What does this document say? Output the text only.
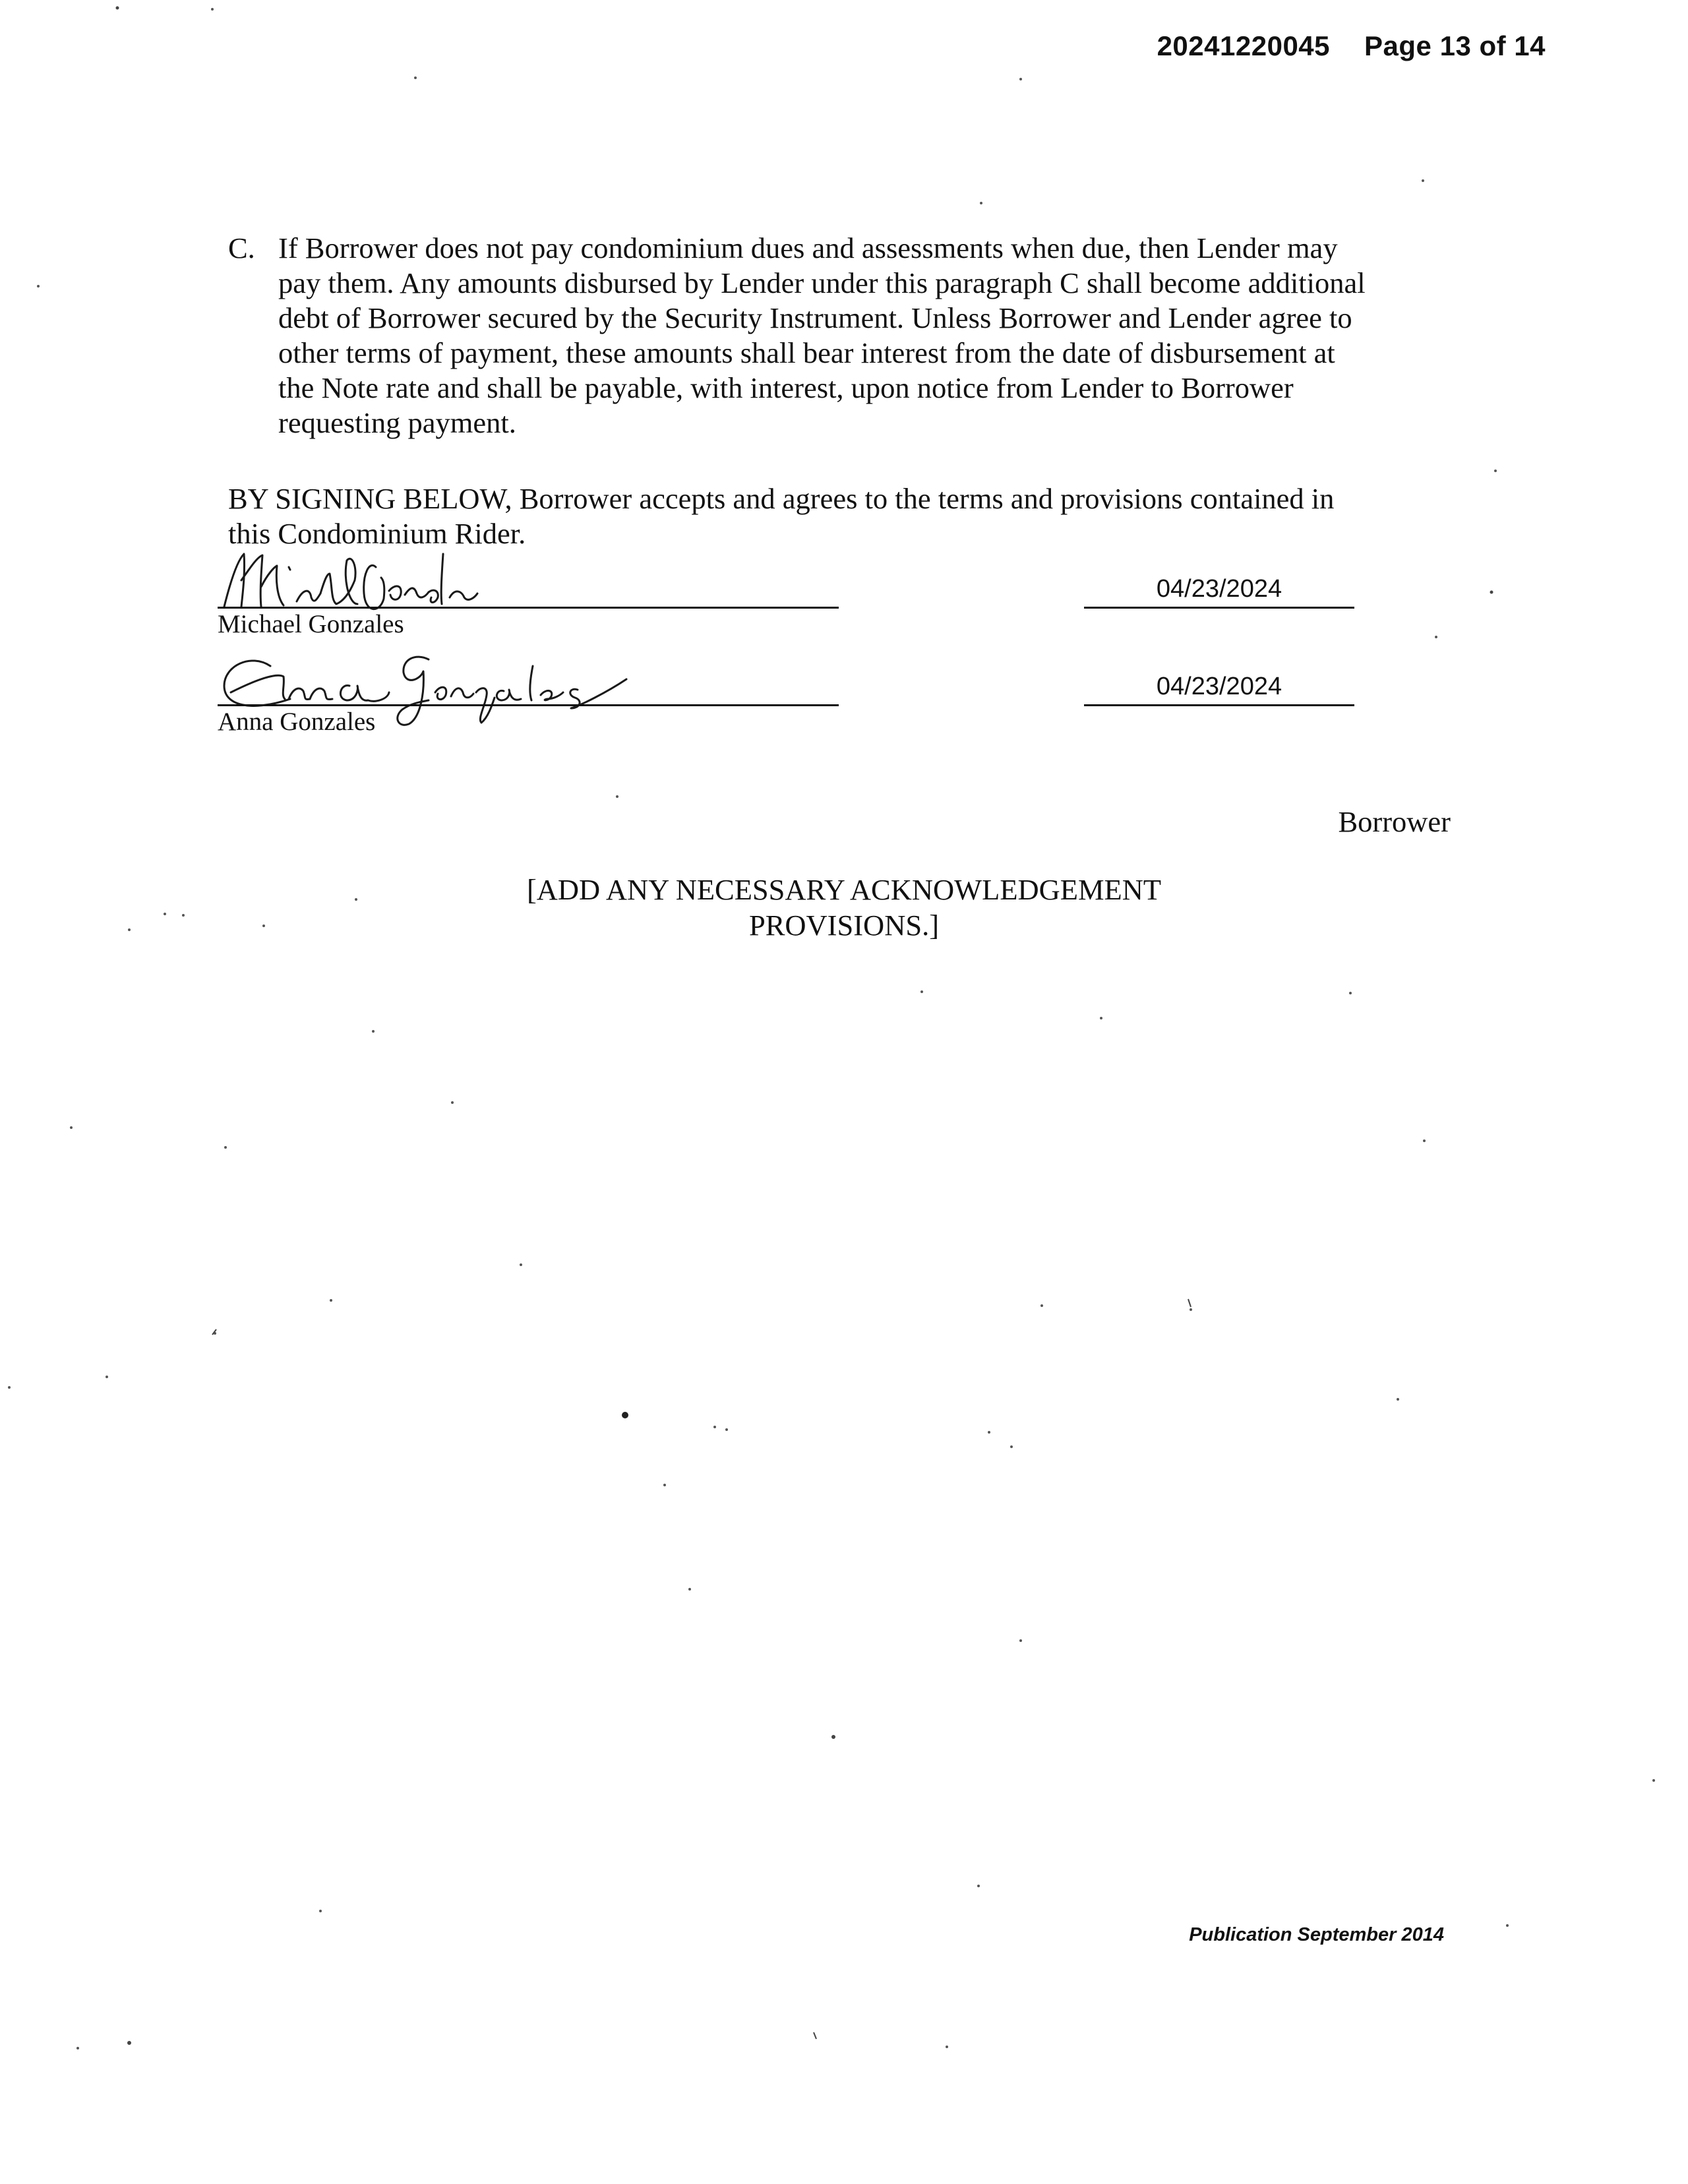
20241220045 Page 13 of 14
C. If Borrower does not pay condominium dues and assessments when due, then Lender may
pay them. Any amounts disbursed by Lender under this paragraph C shall become additional
debt of Borrower secured by the Security Instrument. Unless Borrower and Lender agree to
other terms of payment, these amounts shall bear interest from the date of disbursement at
the Note rate and shall be payable, with interest, upon notice from Lender to Borrower
requesting payment.
BY SIGNING BELOW, Borrower accepts and agrees to the terms and provisions contained in
this Condominium Rider.
Michael Gonzales
04/23/2024
Anna Gonzales
04/23/2024
Borrower
[ADD ANY NECESSARY ACKNOWLEDGEMENT
PROVISIONS.]
Publication September 2014
